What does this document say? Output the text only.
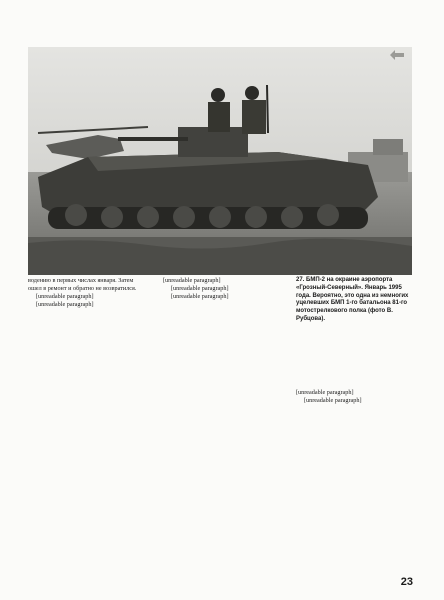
водению в первых числах января. Затем
ошел в ремонт и обратно не возвратился.

[unreadable paragraph]

[unreadable paragraph]

[unreadable paragraph]

[unreadable paragraph]

[unreadable paragraph]

27. БМП-2 на окраине аэропорта «Грозный-Северный». Январь 1995 года. Вероятно, это одна из немногих уцелевших БМП 1-го батальона 81-го мотострелкового полка (фото В. Рубцова).

[unreadable paragraph]

[unreadable paragraph]

23
